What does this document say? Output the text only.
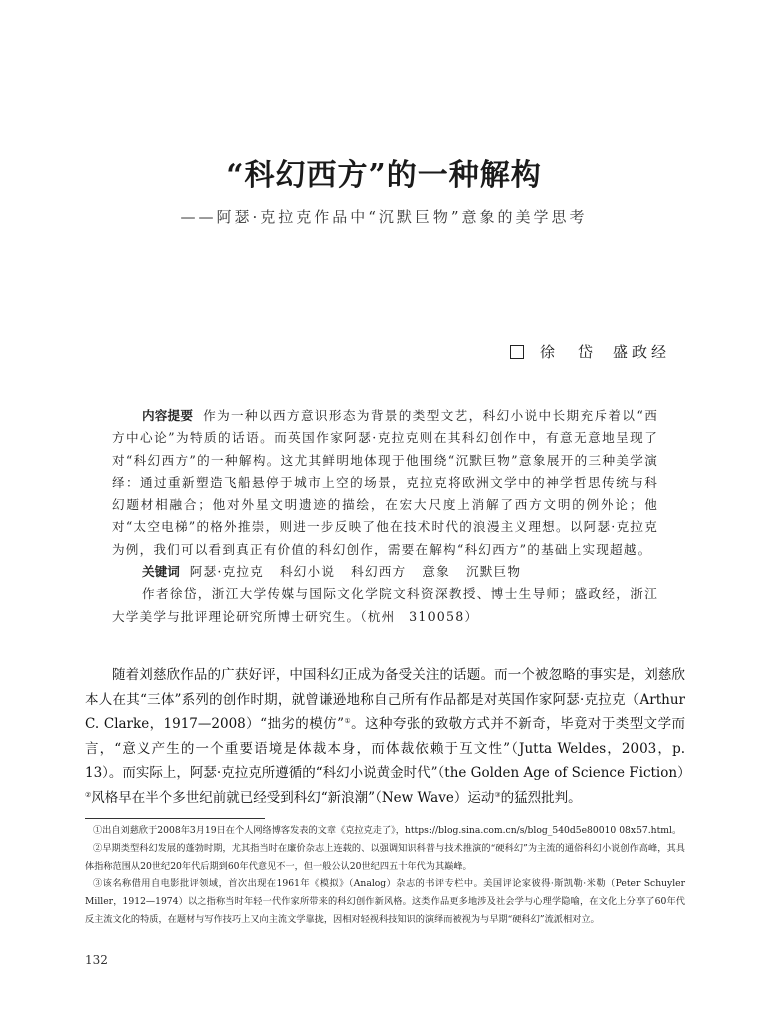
“科幻西方”的一种解构
——阿瑟·克拉克作品中“沉默巨物”意象的美学思考
徐　岱 盛政经

内容提要 作为一种以西方意识形态为背景的类型文艺，科幻小说中长期充斥着以“西方中心论”为特质的话语。而英国作家阿瑟·克拉克则在其科幻创作中，有意无意地呈现了对“科幻西方”的一种解构。这尤其鲜明地体现于他围绕“沉默巨物”意象展开的三种美学演绎：通过重新塑造飞船悬停于城市上空的场景，克拉克将欧洲文学中的神学哲思传统与科幻题材相融合；他对外星文明遗迹的描绘，在宏大尺度上消解了西方文明的例外论；他对“太空电梯”的格外推崇，则进一步反映了他在技术时代的浪漫主义理想。以阿瑟·克拉克为例，我们可以看到真正有价值的科幻创作，需要在解构“科幻西方”的基础上实现超越。

关键词 阿瑟·克拉克 科幻小说 科幻西方 意象 沉默巨物

作者徐岱，浙江大学传媒与国际文化学院文科资深教授、博士生导师；盛政经，浙江大学美学与批评理论研究所博士研究生。（杭州　310058）

随着刘慈欣作品的广获好评，中国科幻正成为备受关注的话题。而一个被忽略的事实是，刘慈欣本人在其“三体”系列的创作时期，就曾谦逊地称自己所有作品都是对英国作家阿瑟·克拉克（Arthur C. Clarke，1917—2008）“拙劣的模仿”①。这种夸张的致敬方式并不新奇，毕竟对于类型文学而言，“意义产生的一个重要语境是体裁本身，而体裁依赖于互文性”（Jutta Weldes，2003，p. 13）。而实际上，阿瑟·克拉克所遵循的“科幻小说黄金时代”（the Golden Age of Science Fiction）②风格早在半个多世纪前就已经受到科幻“新浪潮”（New Wave）运动③的猛烈批判。

①出自刘慈欣于2008年3月19日在个人网络博客发表的文章《克拉克走了》，https://blog.sina.com.cn/s/blog_540d5e80010 08x57.html。

②早期类型科幻发展的蓬勃时期，尤其指当时在廉价杂志上连载的、以强调知识科普与技术推演的“硬科幻”为主流的通俗科幻小说创作高峰，其具体指称范围从20世纪20年代后期到60年代意见不一，但一般公认20世纪四五十年代为其巅峰。

③该名称借用自电影批评领域，首次出现在1961年《模拟》（Analog）杂志的书评专栏中。美国评论家彼得·斯凯勒·米勒（Peter Schuyler Miller，1912—1974）以之指称当时年轻一代作家所带来的科幻创作新风格。这类作品更多地涉及社会学与心理学隐喻，在文化上分享了60年代反主流文化的特质，在题材与写作技巧上又向主流文学靠拢，因相对轻视科技知识的演绎而被视为与早期“硬科幻”流派相对立。

132
